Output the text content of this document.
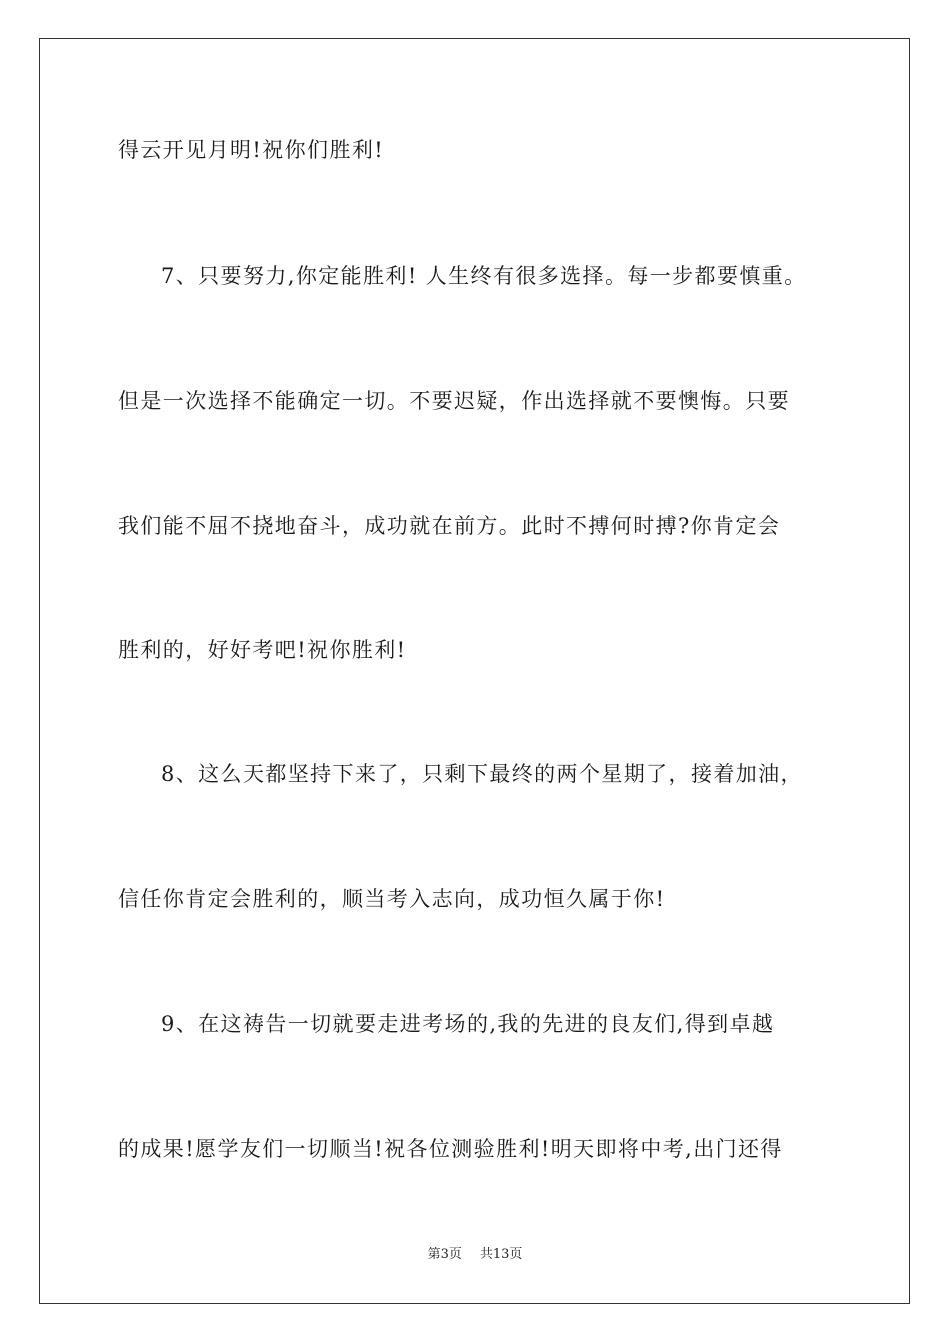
得云开见月明!祝你们胜利!
7、只要努力,你定能胜利! 人生终有很多选择。每一步都要慎重。
但是一次选择不能确定一切。不要迟疑，作出选择就不要懊悔。只要
我们能不屈不挠地奋斗，成功就在前方。此时不搏何时搏?你肯定会
胜利的，好好考吧!祝你胜利!
8、这么天都坚持下来了，只剩下最终的两个星期了，接着加油，
信任你肯定会胜利的，顺当考入志向，成功恒久属于你!
9、在这祷告一切就要走进考场的,我的先进的良友们,得到卓越
的成果!愿学友们一切顺当!祝各位测验胜利!明天即将中考,出门还得
第3页 共13页
